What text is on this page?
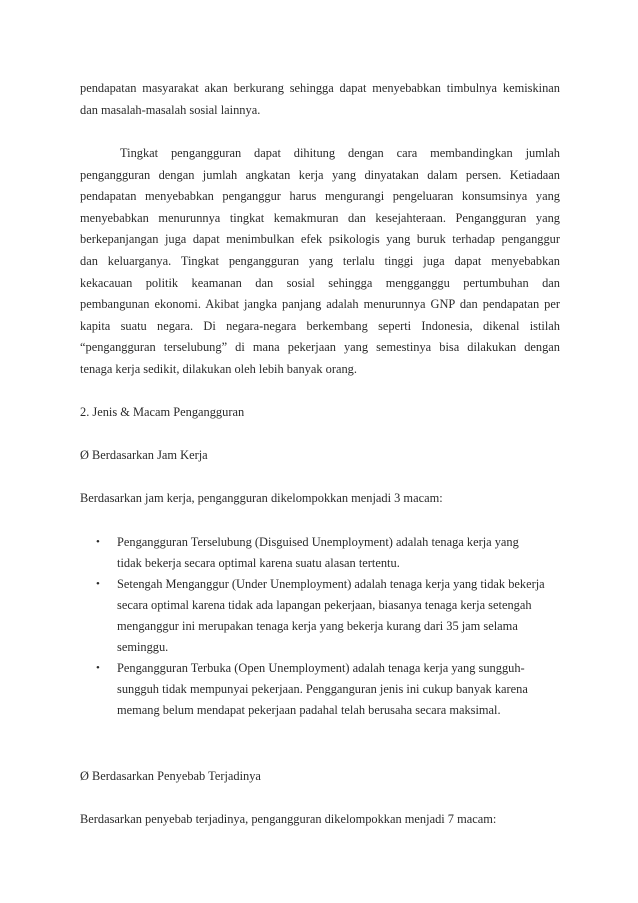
pendapatan masyarakat akan berkurang sehingga dapat menyebabkan timbulnya kemiskinan
dan masalah-masalah sosial lainnya.
Tingkat pengangguran dapat dihitung dengan cara membandingkan jumlah
pengangguran dengan jumlah angkatan kerja yang dinyatakan dalam persen. Ketiadaan
pendapatan menyebabkan penganggur harus mengurangi pengeluaran konsumsinya yang
menyebabkan menurunnya tingkat kemakmuran dan kesejahteraan. Pengangguran yang
berkepanjangan juga dapat menimbulkan efek psikologis yang buruk terhadap penganggur
dan keluarganya. Tingkat pengangguran yang terlalu tinggi juga dapat menyebabkan
kekacauan politik keamanan dan sosial sehingga mengganggu pertumbuhan dan
pembangunan ekonomi. Akibat jangka panjang adalah menurunnya GNP dan pendapatan per
kapita suatu negara. Di negara-negara berkembang seperti Indonesia, dikenal istilah
“pengangguran terselubung” di mana pekerjaan yang semestinya bisa dilakukan dengan
tenaga kerja sedikit, dilakukan oleh lebih banyak orang.
2. Jenis & Macam Pengangguran
Ø Berdasarkan Jam Kerja
Berdasarkan jam kerja, pengangguran dikelompokkan menjadi 3 macam:
• Pengangguran Terselubung (Disguised Unemployment) adalah tenaga kerja yang
tidak bekerja secara optimal karena suatu alasan tertentu.
• Setengah Menganggur (Under Unemployment) adalah tenaga kerja yang tidak bekerja
secara optimal karena tidak ada lapangan pekerjaan, biasanya tenaga kerja setengah
menganggur ini merupakan tenaga kerja yang bekerja kurang dari 35 jam selama
seminggu.
• Pengangguran Terbuka (Open Unemployment) adalah tenaga kerja yang sungguh-
sungguh tidak mempunyai pekerjaan. Pengganguran jenis ini cukup banyak karena
memang belum mendapat pekerjaan padahal telah berusaha secara maksimal.
Ø Berdasarkan Penyebab Terjadinya
Berdasarkan penyebab terjadinya, pengangguran dikelompokkan menjadi 7 macam:
